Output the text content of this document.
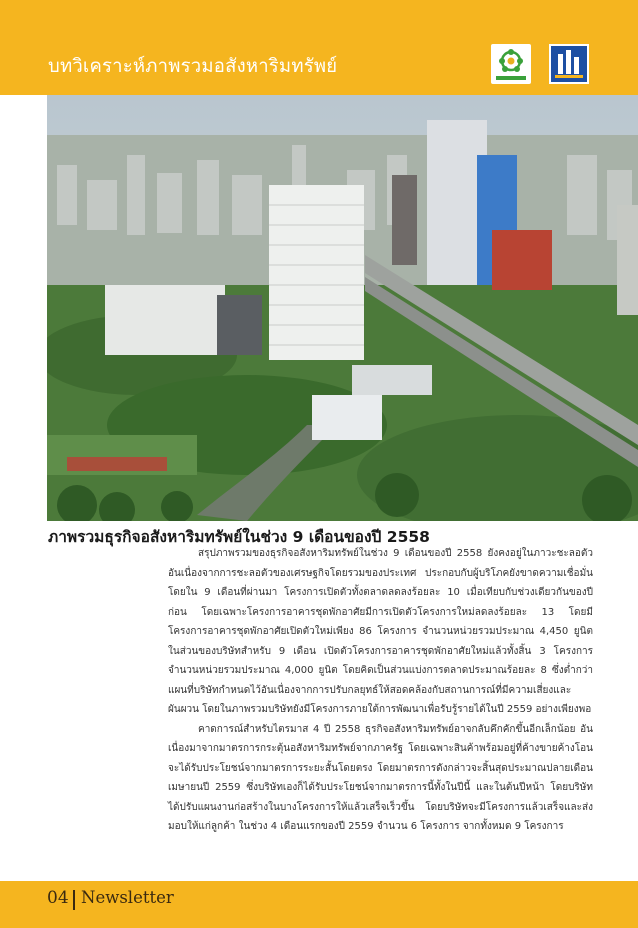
บทวิเคราะห์ภาพรวมอสังหาริมทรัพย์
ภาพรวมธุรกิจอสังหาริมทรัพย์ในช่วง 9 เดือนของปี 2558

สรุปภาพรวมของธุรกิจอสังหาริมทรัพย์ในช่วง 9 เดือนของปี 2558 ยังคงอยู่ในภาวะชะลอตัว อันเนื่องจากการชะลอตัวของเศรษฐกิจโดยรวมของประเทศ ประกอบกับผู้บริโภคยังขาดความเชื่อมั่น โดยใน 9 เดือนที่ผ่านมา โครงการเปิดตัวทั้งตลาดลดลงร้อยละ 10 เมื่อเทียบกับช่วงเดียวกันของปีก่อน โดยเฉพาะโครงการอาคารชุดพักอาศัยมีการเปิดตัวโครงการใหม่ลดลงร้อยละ 13 โดยมีโครงการอาคารชุดพักอาศัยเปิดตัวใหม่เพียง 86 โครงการ จำนวนหน่วยรวมประมาณ 4,450 ยูนิต ในส่วนของบริษัทสำหรับ 9 เดือน เปิดตัวโครงการอาคารชุดพักอาศัยใหม่แล้วทั้งสิ้น 3 โครงการ จำนวนหน่วยรวมประมาณ 4,000 ยูนิต โดยคิดเป็นส่วนแบ่งการตลาดประมาณร้อยละ 8 ซึ่งต่ำกว่าแผนที่บริษัทกำหนดไว้อันเนื่องจากการปรับกลยุทธ์ให้สอดคล้องกับสถานการณ์ที่มีความเสี่ยงและผันผวน โดยในภาพรวมบริษัทยังมีโครงการภายใต้การพัฒนาเพื่อรับรู้รายได้ในปี 2559 อย่างเพียงพอ

คาดการณ์สำหรับไตรมาส 4 ปี 2558 ธุรกิจอสังหาริมทรัพย์อาจกลับคึกคักขึ้นอีกเล็กน้อย อันเนื่องมาจากมาตรการกระตุ้นอสังหาริมทรัพย์จากภาครัฐ โดยเฉพาะสินค้าพร้อมอยู่ที่ค้างขายค้างโอน จะได้รับประโยชน์จากมาตรการระยะสั้นโดยตรง โดยมาตรการดังกล่าวจะสิ้นสุดประมาณปลายเดือนเมษายนปี 2559 ซึ่งบริษัทเองก็ได้รับประโยชน์จากมาตรการนี้ทั้งในปีนี้ และในต้นปีหน้า โดยบริษัทได้ปรับแผนงานก่อสร้างในบางโครงการให้แล้วเสร็จเร็วขึ้น โดยบริษัทจะมีโครงการแล้วเสร็จและส่งมอบให้แก่ลูกค้า ในช่วง 4 เดือนแรกของปี 2559 จำนวน 6 โครงการ จากทั้งหมด 9 โครงการ

04 Newsletter
